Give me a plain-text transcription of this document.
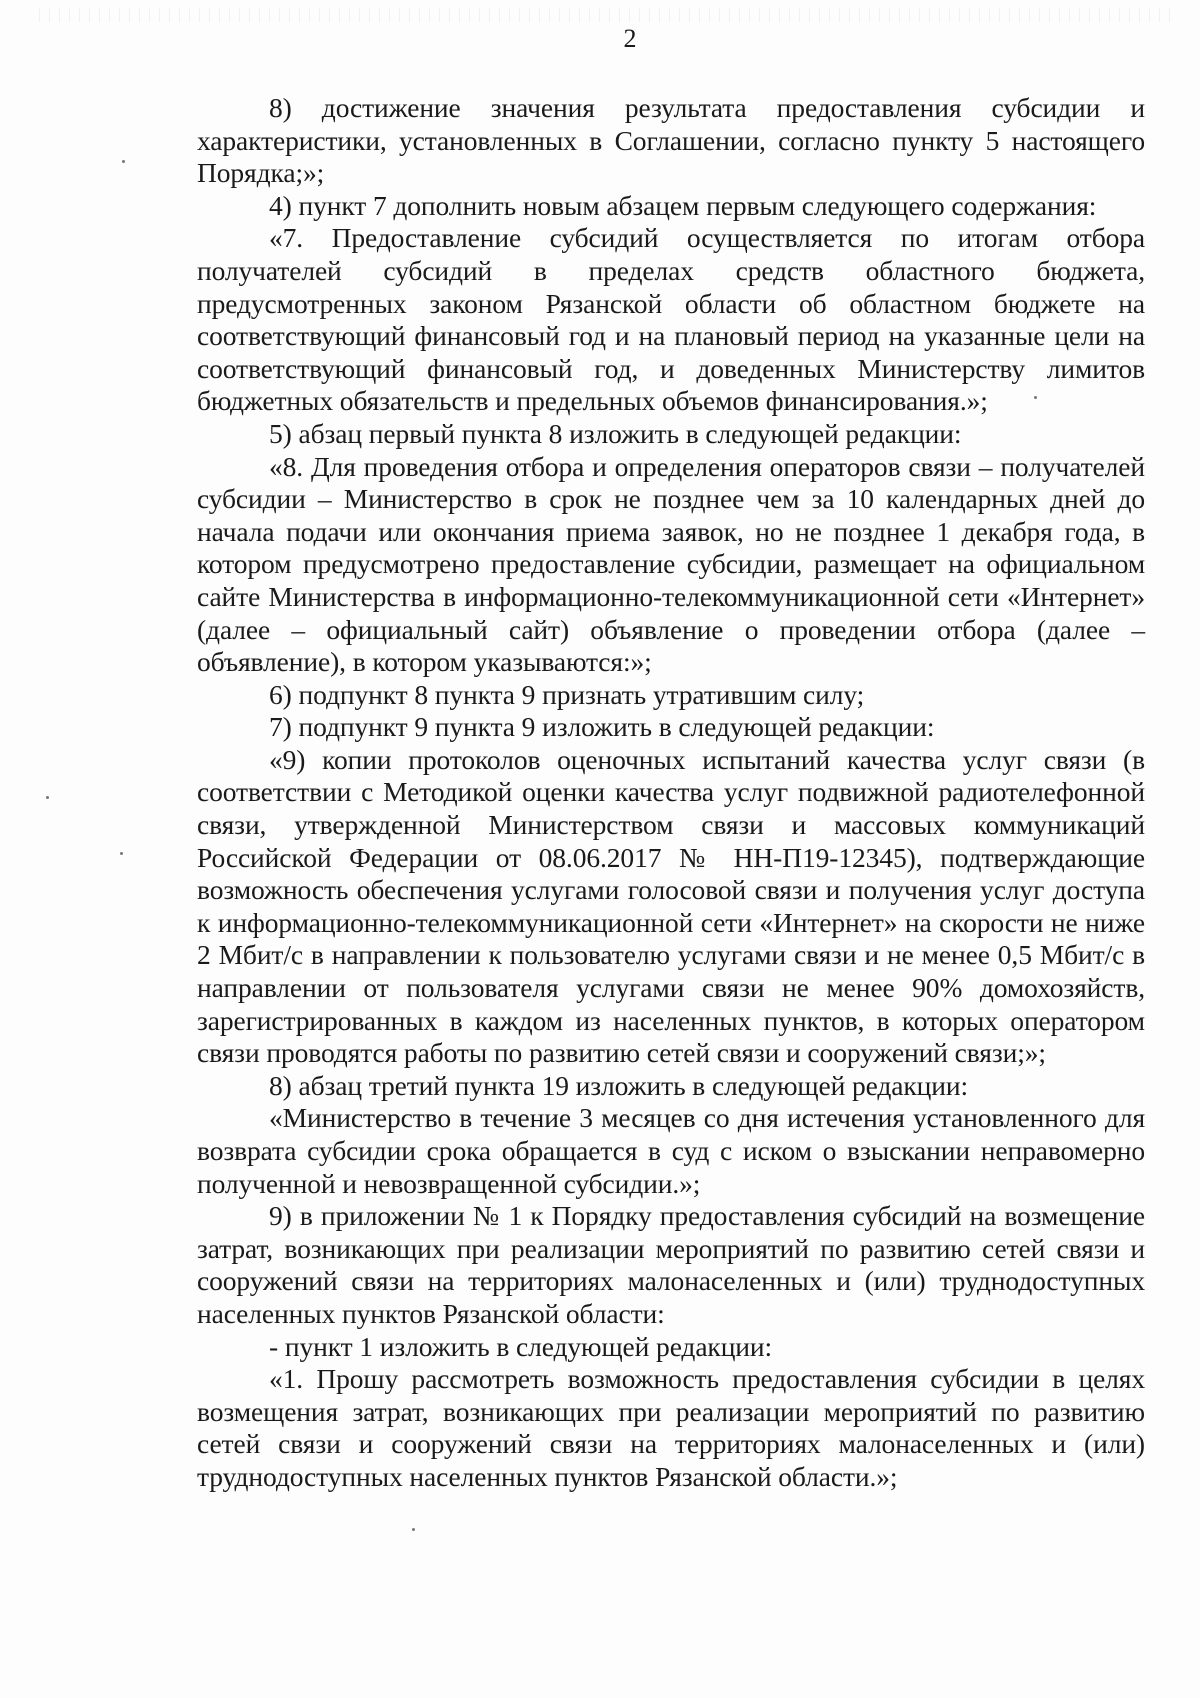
2

8) достижение значения результата предоставления субсидии и характеристики, установленных в Соглашении, согласно пункту 5 настоящего Порядка;»;

4) пункт 7 дополнить новым абзацем первым следующего содержания:

«7. Предоставление субсидий осуществляется по итогам отбора получателей субсидий в пределах средств областного бюджета, предусмотренных законом Рязанской области об областном бюджете на соответствующий финансовый год и на плановый период на указанные цели на соответствующий финансовый год, и доведенных Министерству лимитов бюджетных обязательств и предельных объемов финансирования.»;

5) абзац первый пункта 8 изложить в следующей редакции:

«8. Для проведения отбора и определения операторов связи – получателей субсидии – Министерство в срок не позднее чем за 10 календарных дней до начала подачи или окончания приема заявок, но не позднее 1 декабря года, в котором предусмотрено предоставление субсидии, размещает на официальном сайте Министерства в информационно-телекоммуникационной сети «Интернет» (далее – официальный сайт) объявление о проведении отбора (далее – объявление), в котором указываются:»;

6) подпункт 8 пункта 9 признать утратившим силу;

7) подпункт 9 пункта 9 изложить в следующей редакции:

«9) копии протоколов оценочных испытаний качества услуг связи (в соответствии с Методикой оценки качества услуг подвижной радиотелефонной связи, утвержденной Министерством связи и массовых коммуникаций Российской Федерации от 08.06.2017 № НН-П19-12345), подтверждающие возможность обеспечения услугами голосовой связи и получения услуг доступа к информационно-телекоммуникационной сети «Интернет» на скорости не ниже 2 Мбит/с в направлении к пользователю услугами связи и не менее 0,5 Мбит/с в направлении от пользователя услугами связи не менее 90% домохозяйств, зарегистрированных в каждом из населенных пунктов, в которых оператором связи проводятся работы по развитию сетей связи и сооружений связи;»;

8) абзац третий пункта 19 изложить в следующей редакции:

«Министерство в течение 3 месяцев со дня истечения установленного для возврата субсидии срока обращается в суд с иском о взыскании неправомерно полученной и невозвращенной субсидии.»;

9) в приложении № 1 к Порядку предоставления субсидий на возмещение затрат, возникающих при реализации мероприятий по развитию сетей связи и сооружений связи на территориях малонаселенных и (или) труднодоступных населенных пунктов Рязанской области:

- пункт 1 изложить в следующей редакции:

«1. Прошу рассмотреть возможность предоставления субсидии в целях возмещения затрат, возникающих при реализации мероприятий по развитию сетей связи и сооружений связи на территориях малонаселенных и (или) труднодоступных населенных пунктов Рязанской области.»;
